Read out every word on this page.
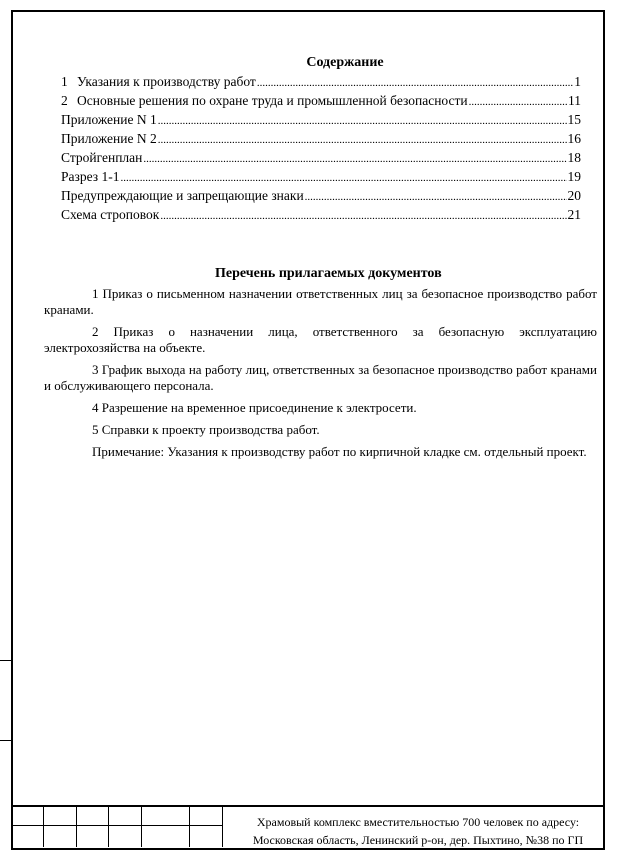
Содержание
1 Указания к производству работ .....	1
2 Основные решения по охране труда и промышленной безопасности .....	11
Приложение N 1 .....	15
Приложение N 2 .....	16
Стройгенплан .....	18
Разрез 1-1 .....	19
Предупреждающие и запрещающие знаки .....	20
Схема строповок .....	21
Перечень прилагаемых документов

1 Приказ о письменном назначении ответственных лиц за безопасное производство работ кранами.

2 Приказ о назначении лица, ответственного за безопасную эксплуатацию электрохозяйства на объекте.

3 График выхода на работу лиц, ответственных за безопасное производство работ кранами и обслуживающего персонала.

4 Разрешение на временное присоединение к электросети.

5 Справки к проекту производства работ.

Примечание: Указания к производству работ по кирпичной кладке см. отдельный проект.

Храмовый комплекс вместительностью 700 человек по адресу:
Московская область, Ленинский р-он, дер. Пыхтино, №38 по ГП
